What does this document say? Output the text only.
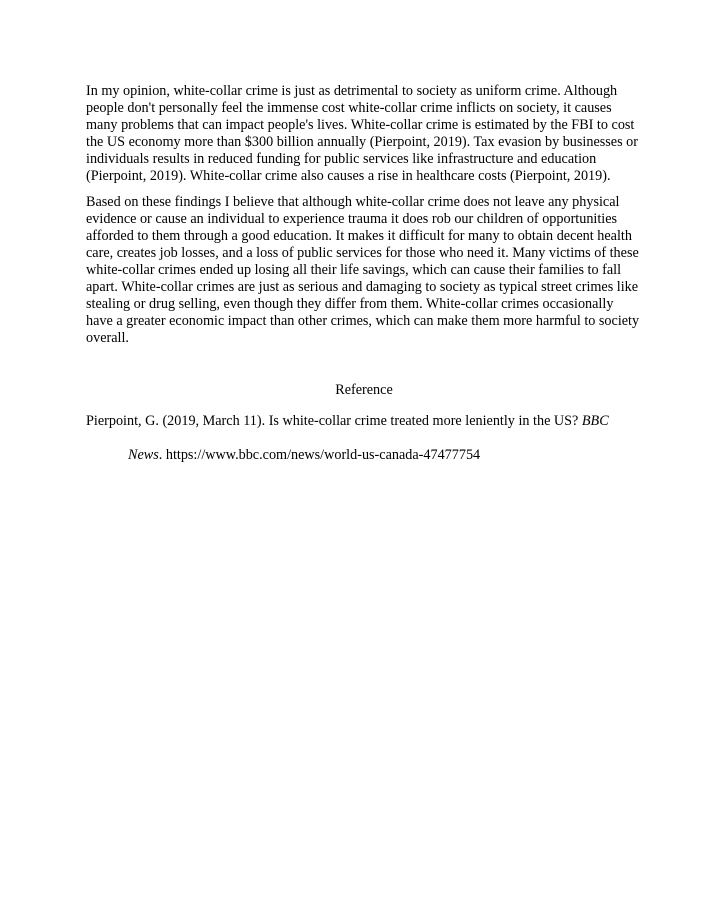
In my opinion, white-collar crime is just as detrimental to society as uniform crime. Although people don't personally feel the immense cost white-collar crime inflicts on society, it causes many problems that can impact people's lives. White-collar crime is estimated by the FBI to cost the US economy more than $300 billion annually (Pierpoint, 2019). Tax evasion by businesses or individuals results in reduced funding for public services like infrastructure and education (Pierpoint, 2019). White-collar crime also causes a rise in healthcare costs (Pierpoint, 2019).

Based on these findings I believe that although white-collar crime does not leave any physical evidence or cause an individual to experience trauma it does rob our children of opportunities afforded to them through a good education. It makes it difficult for many to obtain decent health care, creates job losses, and a loss of public services for those who need it. Many victims of these white-collar crimes ended up losing all their life savings, which can cause their families to fall apart. White-collar crimes are just as serious and damaging to society as typical street crimes like stealing or drug selling, even though they differ from them. White-collar crimes occasionally have a greater economic impact than other crimes, which can make them more harmful to society overall.

Reference
Pierpoint, G. (2019, March 11). Is white-collar crime treated more leniently in the US? BBC News. https://www.bbc.com/news/world-us-canada-47477754
